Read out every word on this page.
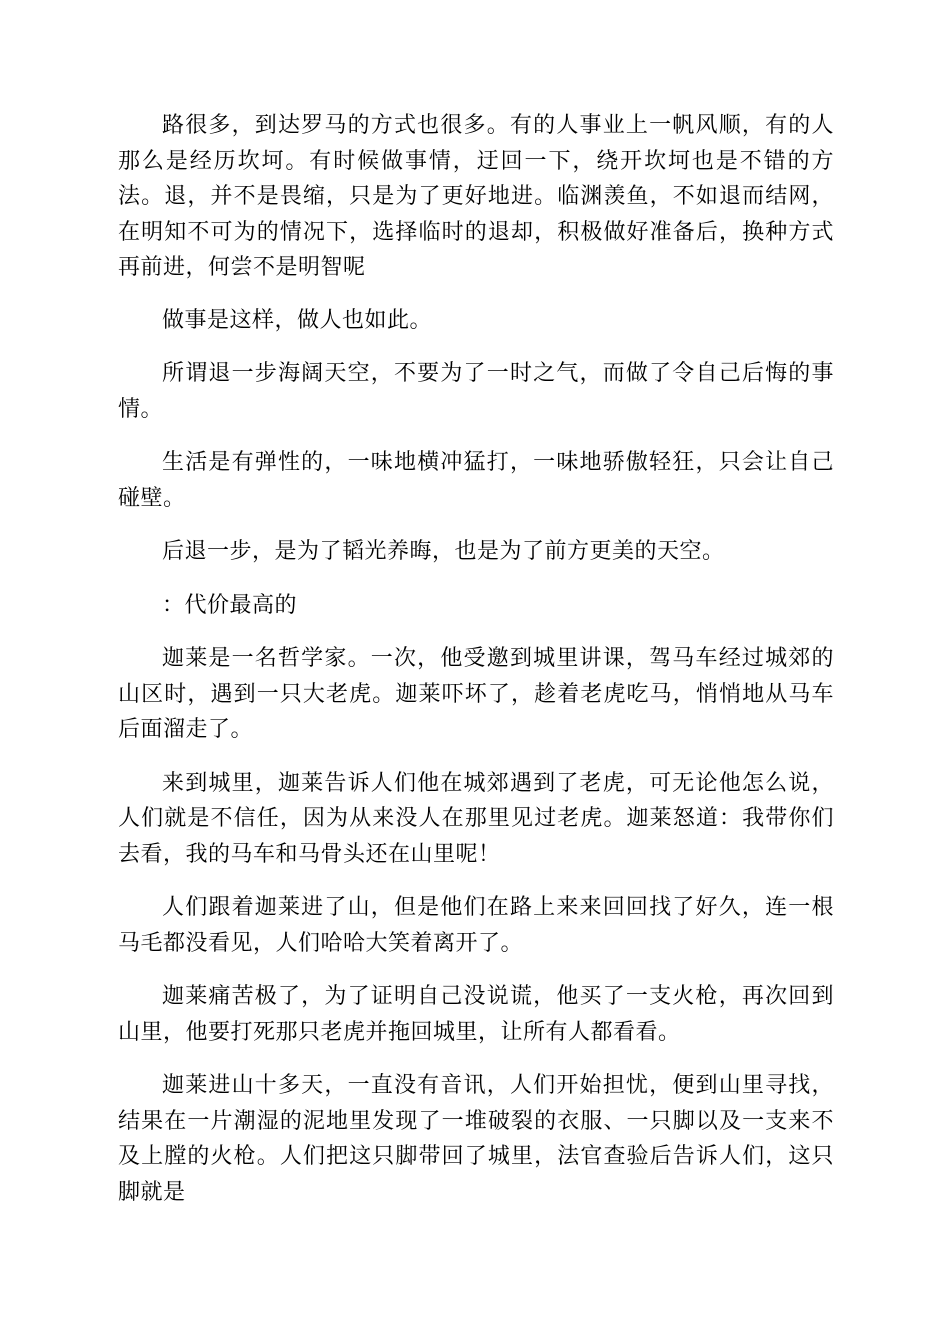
路很多，到达罗马的方式也很多。有的人事业上一帆风顺，有的人那么是经历坎坷。有时候做事情，迂回一下，绕开坎坷也是不错的方法。退，并不是畏缩，只是为了更好地进。临渊羡鱼，不如退而结网，在明知不可为的情况下，选择临时的退却，积极做好准备后，换种方式再前进，何尝不是明智呢

做事是这样，做人也如此。

所谓退一步海阔天空，不要为了一时之气，而做了令自己后悔的事情。

生活是有弹性的，一味地横冲猛打，一味地骄傲轻狂，只会让自己碰壁。

后退一步，是为了韬光养晦，也是为了前方更美的天空。

：代价最高的

迦莱是一名哲学家。一次，他受邀到城里讲课，驾马车经过城郊的山区时，遇到一只大老虎。迦莱吓坏了，趁着老虎吃马，悄悄地从马车后面溜走了。

来到城里，迦莱告诉人们他在城郊遇到了老虎，可无论他怎么说，人们就是不信任，因为从来没人在那里见过老虎。迦莱怒道：我带你们去看，我的马车和马骨头还在山里呢！

人们跟着迦莱进了山，但是他们在路上来来回回找了好久，连一根马毛都没看见，人们哈哈大笑着离开了。

迦莱痛苦极了，为了证明自己没说谎，他买了一支火枪，再次回到山里，他要打死那只老虎并拖回城里，让所有人都看看。

迦莱进山十多天，一直没有音讯，人们开始担忧，便到山里寻找，结果在一片潮湿的泥地里发现了一堆破裂的衣服、一只脚以及一支来不及上膛的火枪。人们把这只脚带回了城里，法官查验后告诉人们，这只脚就是
